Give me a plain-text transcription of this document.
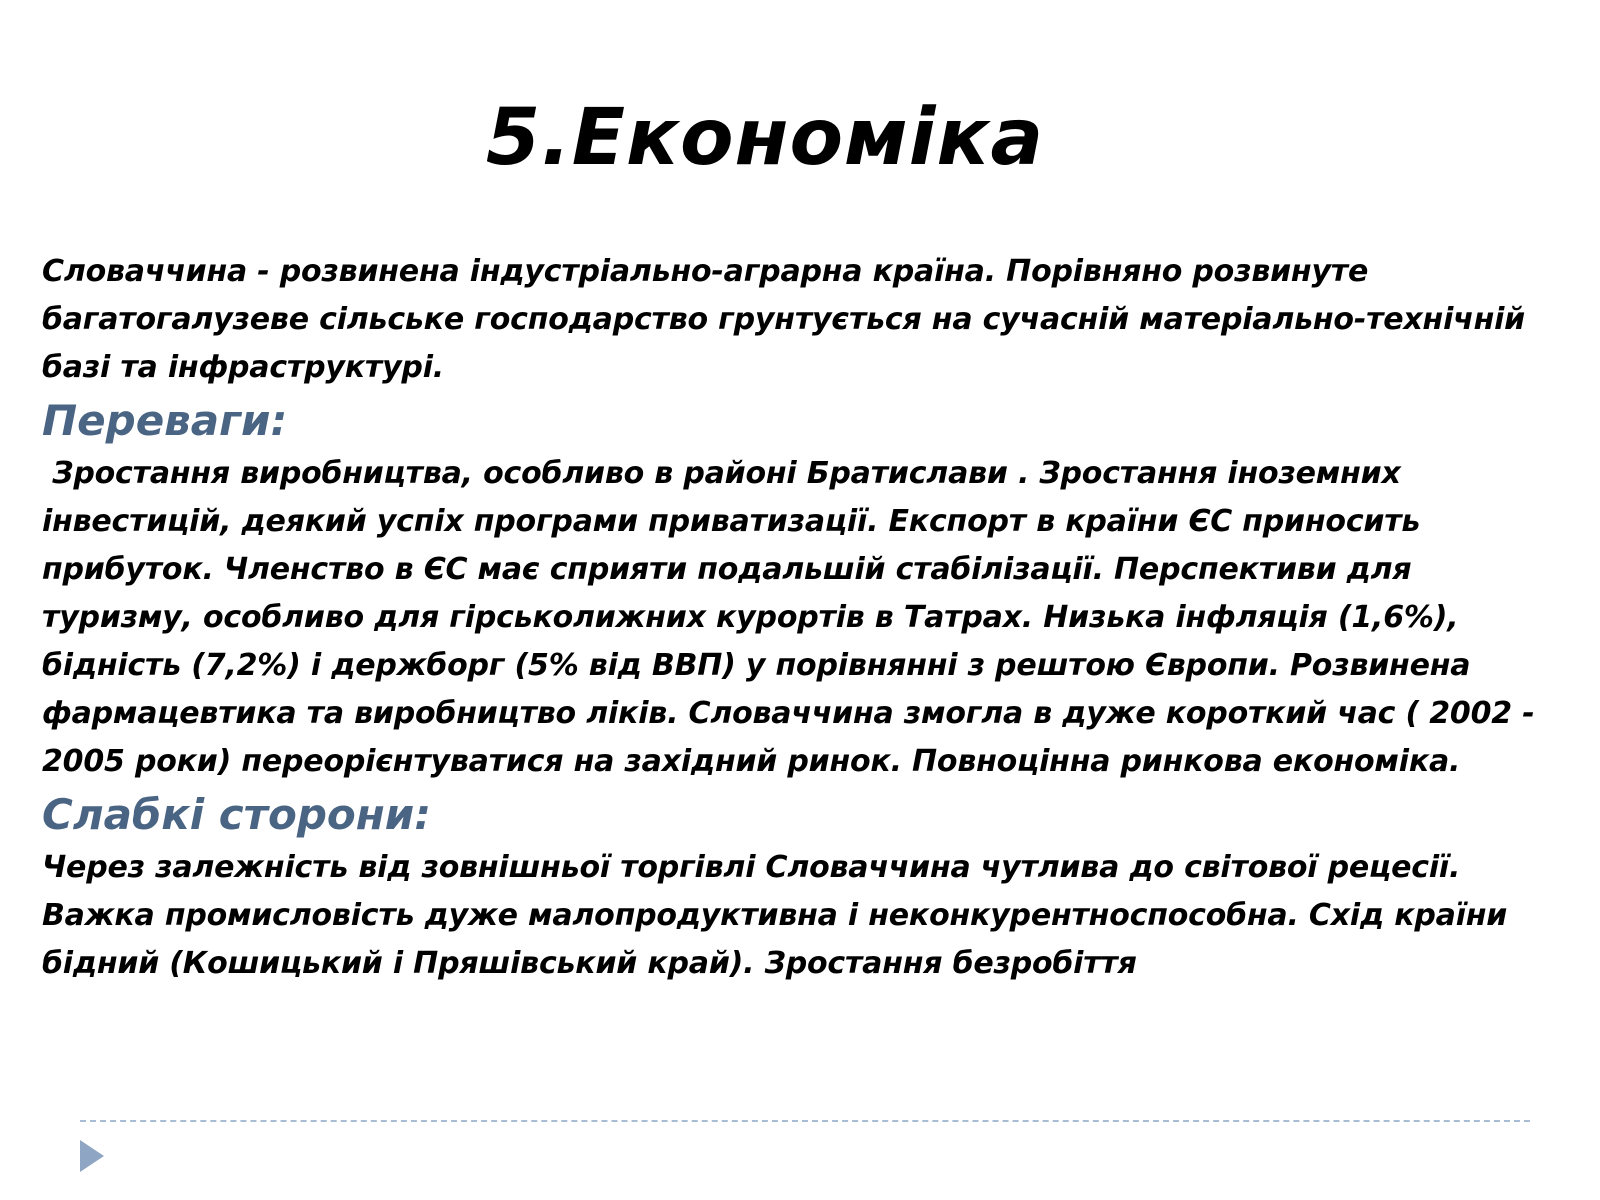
5.Економіка

Словаччина - розвинена індустріально-аграрна країна. Порівняно розвинуте багатогалузеве сільське господарство грунтується на сучасній матеріально-технічній базі та інфраструктурі.

Переваги:

Зростання виробництва, особливо в районі Братислави . Зростання іноземних інвестицій, деякий успіх програми приватизації. Експорт в країни ЄС приносить прибуток. Членство в ЄС має сприяти подальшій стабілізації. Перспективи для туризму, особливо для гірськолижних курортів в Татрах. Низька інфляція (1,6%), бідність (7,2%) і держборг (5% від ВВП) у порівнянні з рештою Європи. Розвинена фармацевтика та виробництво ліків. Словаччина змогла в дуже короткий час ( 2002 - 2005 роки) переорієнтуватися на західний ринок. Повноцінна ринкова економіка.

Слабкі сторони:

Через залежність від зовнішньої торгівлі Словаччина чутлива до світової рецесії. Важка промисловість дуже малопродуктивна і неконкурентноспособна. Схід країни бідний (Кошицький і Пряшівський край). Зростання безробіття
